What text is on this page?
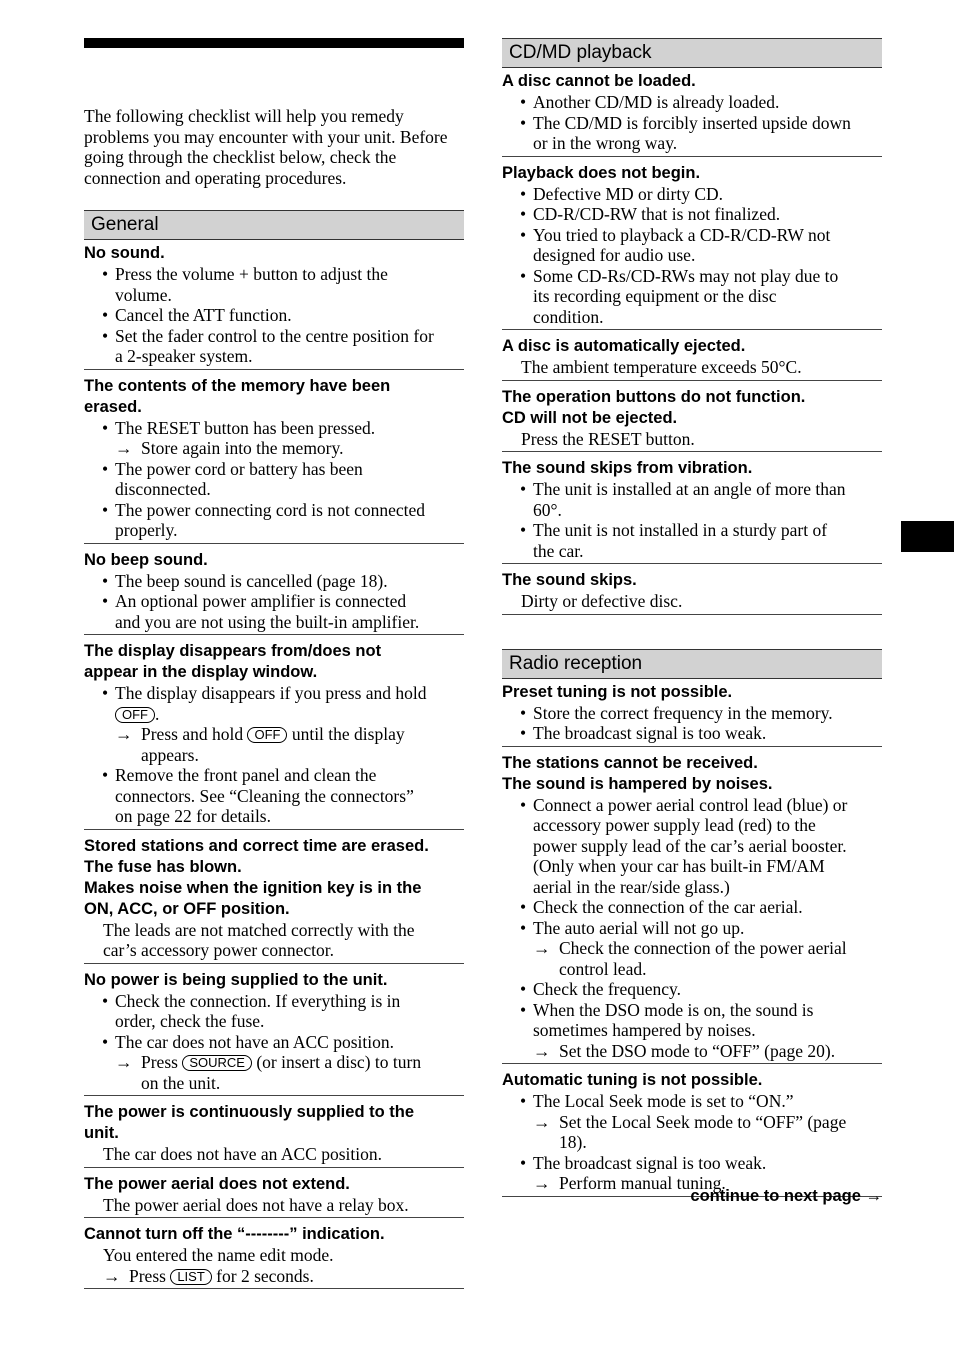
The following checklist will help you remedy problems you may encounter with your unit. Before going through the checklist below, check the connection and operating procedures.
General
No sound.
• Press the volume + button to adjust the
volume.
• Cancel the ATT function.
• Set the fader control to the centre position for
a 2-speaker system.
The contents of the memory have been
erased.
• The RESET button has been pressed.
→ Store again into the memory.
• The power cord or battery has been
disconnected.
• The power connecting cord is not connected
properly.
No beep sound.
• The beep sound is cancelled (page 18).
• An optional power amplifier is connected
and you are not using the built-in amplifier.
The display disappears from/does not
appear in the display window.
• The display disappears if you press and hold
OFF .
→ Press and hold OFF until the display
appears.
• Remove the front panel and clean the
connectors. See “Cleaning the connectors”
on page 22 for details.
Stored stations and correct time are erased.
The fuse has blown.
Makes noise when the ignition key is in the
ON, ACC, or OFF position.
The leads are not matched correctly with the
car’s accessory power connector.
No power is being supplied to the unit.
• Check the connection. If everything is in
order, check the fuse.
• The car does not have an ACC position.
→ Press SOURCE (or insert a disc) to turn
on the unit.
The power is continuously supplied to the
unit.
The car does not have an ACC position.
The power aerial does not extend.
The power aerial does not have a relay box.
Cannot turn off the “--------” indication.
You entered the name edit mode.
→ Press LIST for 2 seconds.
CD/MD playback
A disc cannot be loaded.
• Another CD/MD is already loaded.
• The CD/MD is forcibly inserted upside down
or in the wrong way.
Playback does not begin.
• Defective MD or dirty CD.
• CD-R/CD-RW that is not finalized.
• You tried to playback a CD-R/CD-RW not
designed for audio use.
• Some CD-Rs/CD-RWs may not play due to
its recording equipment or the disc
condition.
A disc is automatically ejected.
The ambient temperature exceeds 50°C.
The operation buttons do not function.
CD will not be ejected.
Press the RESET button.
The sound skips from vibration.
• The unit is installed at an angle of more than
60°.
• The unit is not installed in a sturdy part of
the car.
The sound skips.
Dirty or defective disc.
Radio reception
Preset tuning is not possible.
• Store the correct frequency in the memory.
• The broadcast signal is too weak.
The stations cannot be received.
The sound is hampered by noises.
• Connect a power aerial control lead (blue) or
accessory power supply lead (red) to the
power supply lead of the car’s aerial booster.
(Only when your car has built-in FM/AM
aerial in the rear/side glass.)
• Check the connection of the car aerial.
• The auto aerial will not go up.
→ Check the connection of the power aerial
control lead.
• Check the frequency.
• When the DSO mode is on, the sound is
sometimes hampered by noises.
→ Set the DSO mode to “OFF” (page 20).
Automatic tuning is not possible.
• The Local Seek mode is set to “ON.”
→ Set the Local Seek mode to “OFF” (page
18).
• The broadcast signal is too weak.
→ Perform manual tuning.
continue to next page →
